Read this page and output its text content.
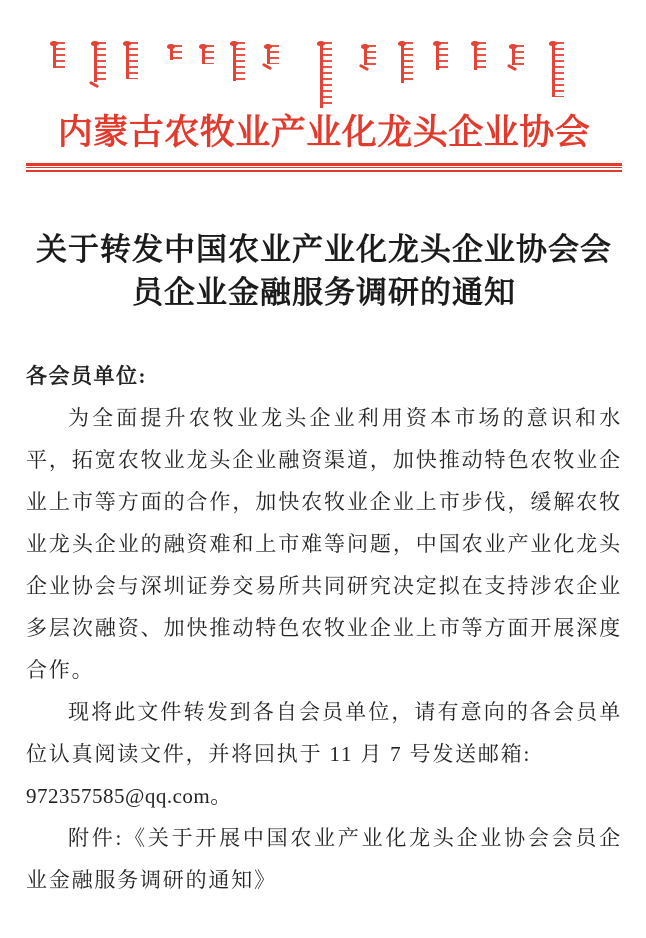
内蒙古农牧业产业化龙头企业协会
关于转发中国农业产业化龙头企业协会会员企业金融服务调研的通知

各会员单位:

为全面提升农牧业龙头企业利用资本市场的意识和水平，拓宽农牧业龙头企业融资渠道，加快推动特色农牧业企业上市等方面的合作，加快农牧业企业上市步伐，缓解农牧业龙头企业的融资难和上市难等问题，中国农业产业化龙头企业协会与深圳证券交易所共同研究决定拟在支持涉农企业多层次融资、加快推动特色农牧业企业上市等方面开展深度合作。

现将此文件转发到各自会员单位，请有意向的各会员单位认真阅读文件，并将回执于 11 月 7 号发送邮箱:

972357585@qq.com。

附件:《关于开展中国农业产业化龙头企业协会会员企业金融服务调研的通知》
